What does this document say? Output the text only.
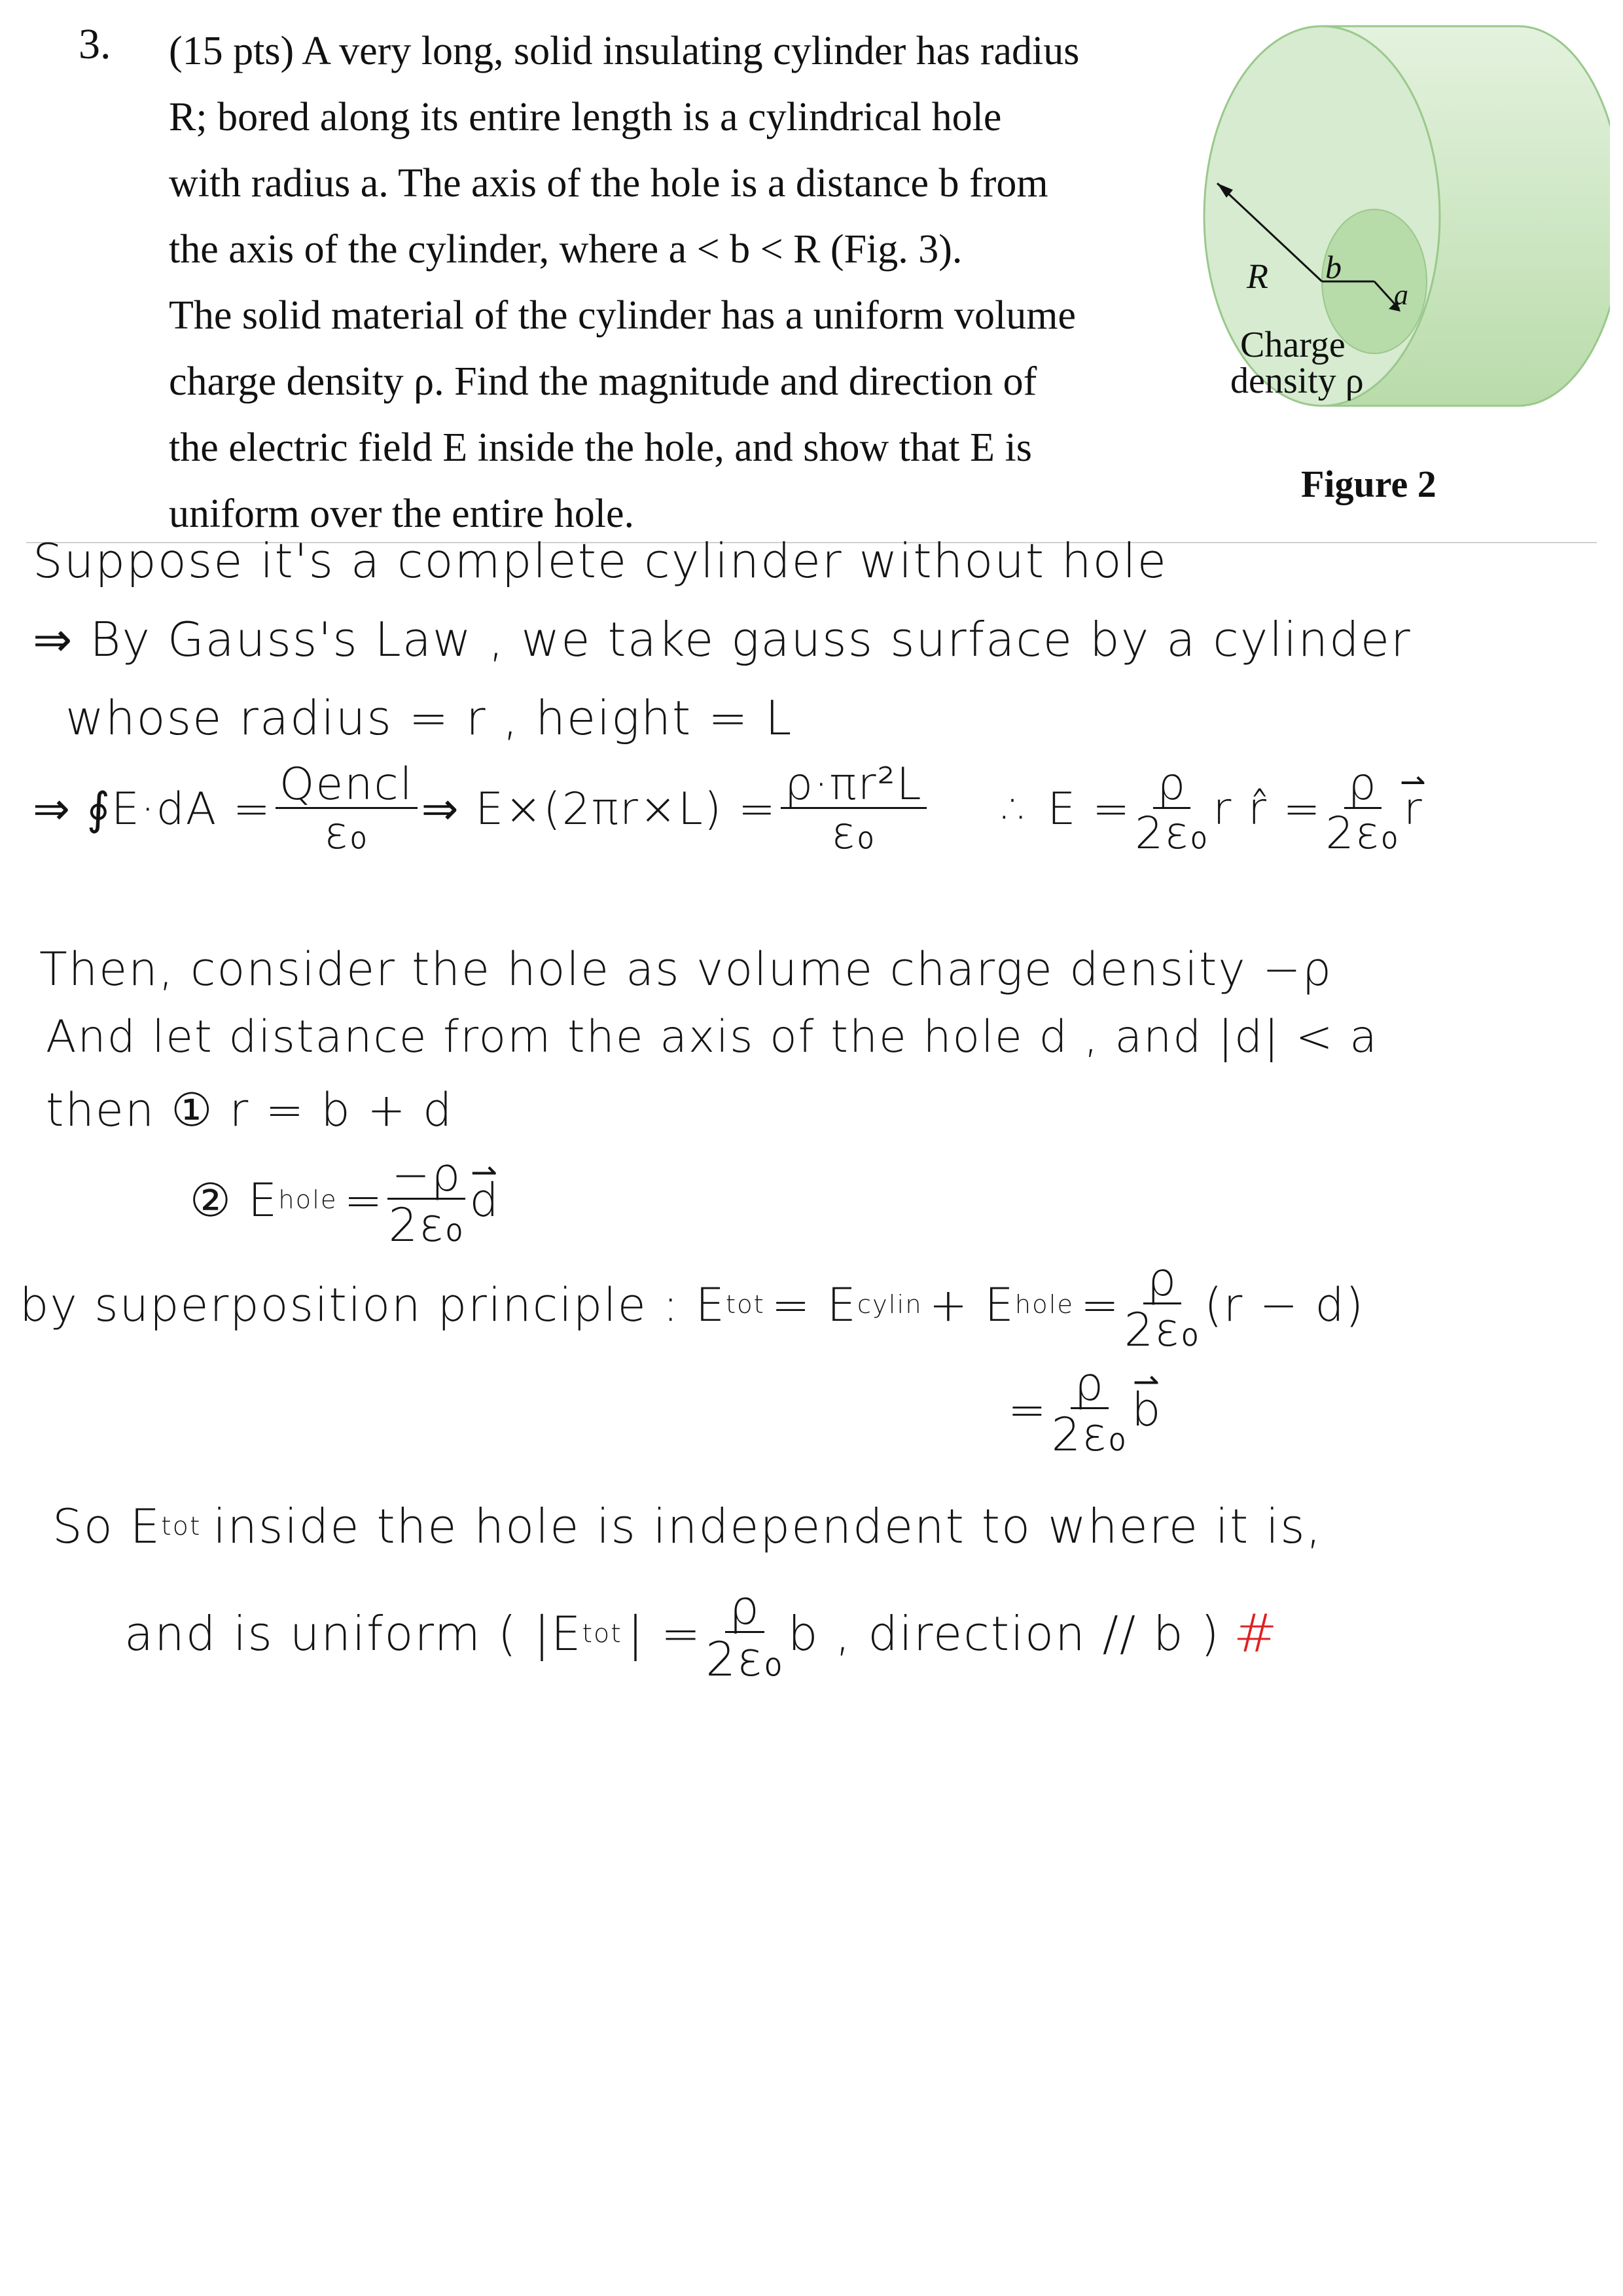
3. (15 pts) A very long, solid insulating cylinder has radius
R; bored along its entire length is a cylindrical hole
with radius a. The axis of the hole is a distance b from
the axis of the cylinder, where a < b < R (Fig. 3).
The solid material of the cylinder has a uniform volume
charge density ρ. Find the magnitude and direction of
the electric field E inside the hole, and show that E is
uniform over the entire hole.
R b
a
Charge
density ρ
Figure 2
Suppose it's a complete cylinder without hole
⇒ By Gauss's Law , we take gauss surface by a cylinder
whose radius = r , height = L
⇒ ∮E·dA = $\frac{\text{Qencl}}{\text{ε₀}}$ ⇒ $E\times(2\pi r\times L) = \frac{\text{ρ·πr²L}}{\text{ε₀}}$ ∴ $E = \frac{\rho}{\text{2ε₀}}$ r r̂ = $\frac{\rho}{\text{2ε₀}}$ ⇀ r
Then, consider the hole as volume charge density −ρ
And let distance from the axis of the hole d , and |d| < a
then ① r = b + d
② E hole = $\frac{-\rho}{\text{2ε₀}}$ ⇀ d
by superposition principle : E tot = E cylin + E hole = $\frac{\rho}{\text{2ε₀}} (r - d)$
= $\frac{\rho}{\text{2ε₀}}$ ⇀ b
So E tot inside the hole is independent to where it is,
and is uniform ( |E tot | = $\frac{\rho}{\text{2ε₀}}$ b , direction // b ) #
